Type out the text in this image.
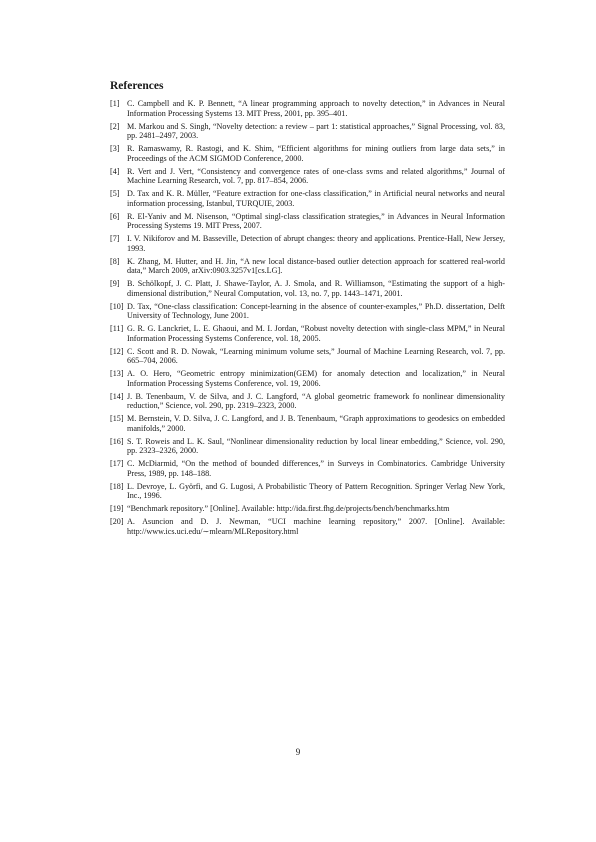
References
[1] C. Campbell and K. P. Bennett, “A linear programming approach to novelty detection,” in Advances in Neural Information Processing Systems 13. MIT Press, 2001, pp. 395–401.
[2] M. Markou and S. Singh, “Novelty detection: a review – part 1: statistical approaches,” Signal Processing, vol. 83, pp. 2481–2497, 2003.
[3] R. Ramaswamy, R. Rastogi, and K. Shim, “Efficient algorithms for mining outliers from large data sets,” in Proceedings of the ACM SIGMOD Conference, 2000.
[4] R. Vert and J. Vert, “Consistency and convergence rates of one-class svms and related algorithms,” Journal of Machine Learning Research, vol. 7, pp. 817–854, 2006.
[5] D. Tax and K. R. Müller, “Feature extraction for one-class classification,” in Artificial neural networks and neural information processing, Istanbul, TURQUIE, 2003.
[6] R. El-Yaniv and M. Nisenson, “Optimal singl-class classification strategies,” in Advances in Neural Information Processing Systems 19. MIT Press, 2007.
[7] I. V. Nikiforov and M. Basseville, Detection of abrupt changes: theory and applications. Prentice-Hall, New Jersey, 1993.
[8] K. Zhang, M. Hutter, and H. Jin, “A new local distance-based outlier detection approach for scattered real-world data,” March 2009, arXiv:0903.3257v1[cs.LG].
[9] B. Schölkopf, J. C. Platt, J. Shawe-Taylor, A. J. Smola, and R. Williamson, “Estimating the support of a high-dimensional distribution,” Neural Computation, vol. 13, no. 7, pp. 1443–1471, 2001.
[10] D. Tax, “One-class classification: Concept-learning in the absence of counter-examples,” Ph.D. dissertation, Delft University of Technology, June 2001.
[11] G. R. G. Lanckriet, L. E. Ghaoui, and M. I. Jordan, “Robust novelty detection with single-class MPM,” in Neural Information Processing Systems Conference, vol. 18, 2005.
[12] C. Scott and R. D. Nowak, “Learning minimum volume sets,” Journal of Machine Learning Research, vol. 7, pp. 665–704, 2006.
[13] A. O. Hero, “Geometric entropy minimization(GEM) for anomaly detection and localization,” in Neural Information Processing Systems Conference, vol. 19, 2006.
[14] J. B. Tenenbaum, V. de Silva, and J. C. Langford, “A global geometric framework fo nonlinear dimensionality reduction,” Science, vol. 290, pp. 2319–2323, 2000.
[15] M. Bernstein, V. D. Silva, J. C. Langford, and J. B. Tenenbaum, “Graph approximations to geodesics on embedded manifolds,” 2000.
[16] S. T. Roweis and L. K. Saul, “Nonlinear dimensionality reduction by local linear embedding,” Science, vol. 290, pp. 2323–2326, 2000.
[17] C. McDiarmid, “On the method of bounded differences,” in Surveys in Combinatorics. Cambridge University Press, 1989, pp. 148–188.
[18] L. Devroye, L. Györfi, and G. Lugosi, A Probabilistic Theory of Pattern Recognition. Springer Verlag New York, Inc., 1996.
[19] “Benchmark repository.” [Online]. Available: http://ida.first.fhg.de/projects/bench/benchmarks.htm
[20] A. Asuncion and D. J. Newman, “UCI machine learning repository,” 2007. [Online]. Available: http://www.ics.uci.edu/∼mlearn/MLRepository.html
9
